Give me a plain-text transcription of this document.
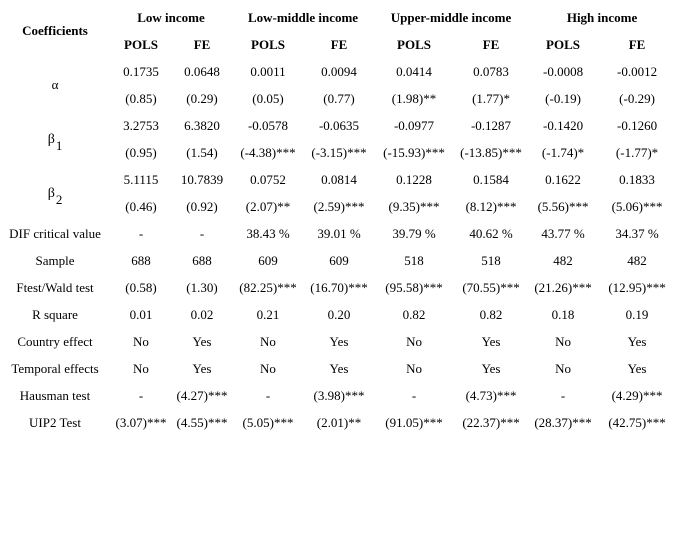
Coefficients	Low income		Low-middle income		Upper-middle income		High income	
	POLS	FE	POLS	FE	POLS	FE	POLS	FE
α	0.1735	0.0648	0.0011	0.0094	0.0414	0.0783	-0.0008	-0.0012
	(0.85)	(0.29)	(0.05)	(0.77)	(1.98)**	(1.77)*	(-0.19)	(-0.29)
β1	3.2753	6.3820	-0.0578	-0.0635	-0.0977	-0.1287	-0.1420	-0.1260
	(0.95)	(1.54)	(-4.38)***	(-3.15)***	(-15.93)***	(-13.85)***	(-1.74)*	(-1.77)*
β2	5.1115	10.7839	0.0752	0.0814	0.1228	0.1584	0.1622	0.1833
	(0.46)	(0.92)	(2.07)**	(2.59)***	(9.35)***	(8.12)***	(5.56)***	(5.06)***
DIF critical value	-	-	38.43 %	39.01 %	39.79 %	40.62 %	43.77 %	34.37 %
Sample	688	688	609	609	518	518	482	482
Ftest/Wald test	(0.58)	(1.30)	(82.25)***	(16.70)***	(95.58)***	(70.55)***	(21.26)***	(12.95)***
R square	0.01	0.02	0.21	0.20	0.82	0.82	0.18	0.19
Country effect	No	Yes	No	Yes	No	Yes	No	Yes
Temporal effects	No	Yes	No	Yes	No	Yes	No	Yes
Hausman test	-	(4.27)***	-	(3.98)***	-	(4.73)***	-	(4.29)***
UIP2 Test	(3.07)***	(4.55)***	(5.05)***	(2.01)**	(91.05)***	(22.37)***	(28.37)***	(42.75)***
